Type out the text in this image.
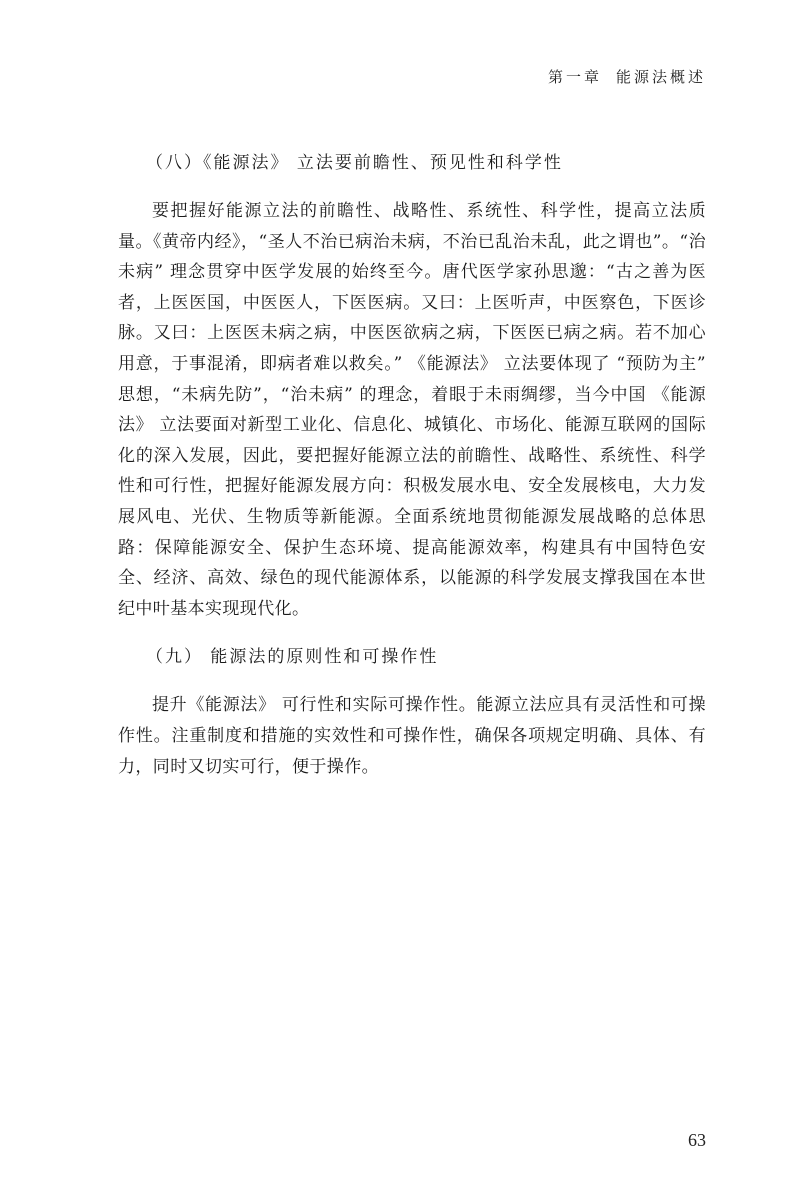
第一章 能源法概述
（八）《能源法》 立法要前瞻性、预见性和科学性

要把握好能源立法的前瞻性、战略性、系统性、科学性，提高立法质量。《黄帝内经》，“圣人不治已病治未病，不治已乱治未乱，此之谓也”。“治未病” 理念贯穿中医学发展的始终至今。唐代医学家孙思邈：“古之善为医者，上医医国，中医医人，下医医病。又曰：上医听声，中医察色，下医诊脉。又曰：上医医未病之病，中医医欲病之病，下医医已病之病。若不加心用意，于事混淆，即病者难以救矣。” 《能源法》 立法要体现了 “预防为主” 思想，“未病先防”，“治未病” 的理念，着眼于未雨绸缪，当今中国 《能源法》 立法要面对新型工业化、信息化、城镇化、市场化、能源互联网的国际化的深入发展，因此，要把握好能源立法的前瞻性、战略性、系统性、科学性和可行性，把握好能源发展方向：积极发展水电、安全发展核电，大力发展风电、光伏、生物质等新能源。全面系统地贯彻能源发展战略的总体思路：保障能源安全、保护生态环境、提高能源效率，构建具有中国特色安全、经济、高效、绿色的现代能源体系，以能源的科学发展支撑我国在本世纪中叶基本实现现代化。

（九） 能源法的原则性和可操作性

提升《能源法》 可行性和实际可操作性。能源立法应具有灵活性和可操作性。注重制度和措施的实效性和可操作性，确保各项规定明确、具体、有力，同时又切实可行，便于操作。

63
